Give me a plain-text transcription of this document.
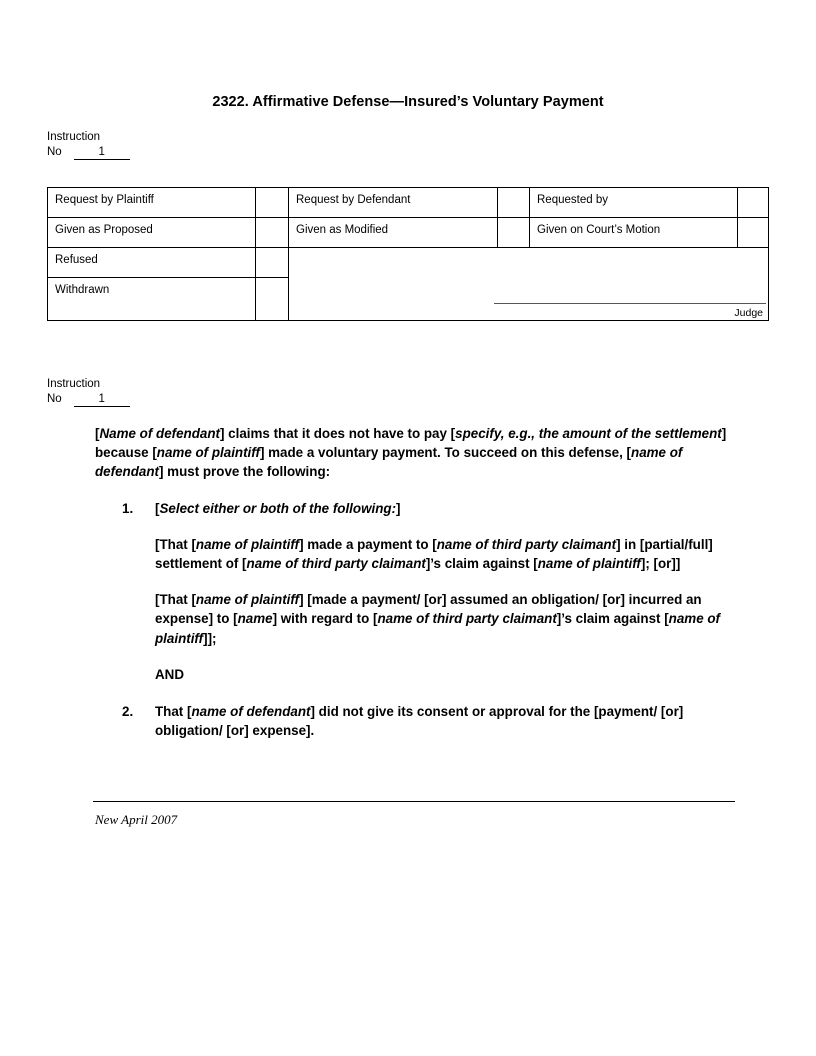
2322. Affirmative Defense—Insured’s Voluntary Payment
Instruction
No	1
Request by Plaintiff		Request by Defendant		Requested by	
Given as Proposed		Given as Modified		Given on Court’s Motion	
Refused		Judge			

Withdrawn					
Instruction
No	1

[Name of defendant] claims that it does not have to pay [specify, e.g., the amount of the settlement] because [name of plaintiff] made a voluntary payment. To succeed on this defense, [name of defendant] must prove the following:

1. [Select either or both of the following:]

[That [name of plaintiff] made a payment to [name of third party claimant] in [partial/full] settlement of [name of third party claimant]’s claim against [name of plaintiff]; [or]]

[That [name of plaintiff] [made a payment/ [or] assumed an obligation/ [or] incurred an expense] to [name] with regard to [name of third party claimant]’s claim against [name of plaintiff]];

AND

2. That [name of defendant] did not give its consent or approval for the [payment/ [or] obligation/ [or] expense].

New April 2007
